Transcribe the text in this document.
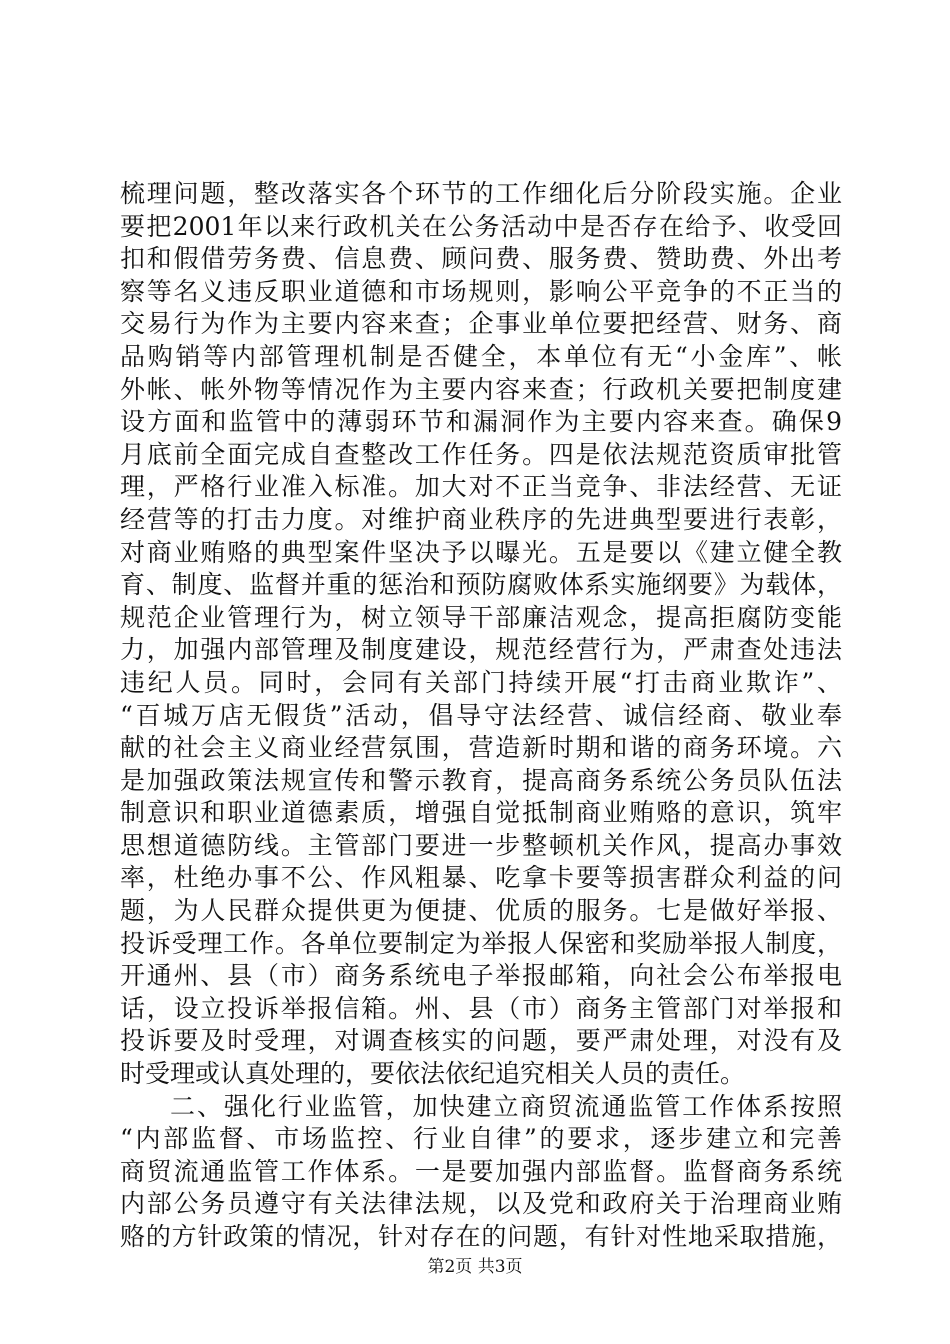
梳理问题，整改落实各个环节的工作细化后分阶段实施。企业
要把2001年以来行政机关在公务活动中是否存在给予、收受回
扣和假借劳务费、信息费、顾问费、服务费、赞助费、外出考
察等名义违反职业道德和市场规则，影响公平竞争的不正当的
交易行为作为主要内容来查；企事业单位要把经营、财务、商
品购销等内部管理机制是否健全，本单位有无“小金库”、帐
外帐、帐外物等情况作为主要内容来查；行政机关要把制度建
设方面和监管中的薄弱环节和漏洞作为主要内容来查。确保9
月底前全面完成自查整改工作任务。四是依法规范资质审批管
理，严格行业准入标准。加大对不正当竞争、非法经营、无证
经营等的打击力度。对维护商业秩序的先进典型要进行表彰，
对商业贿赂的典型案件坚决予以曝光。五是要以《建立健全教
育、制度、监督并重的惩治和预防腐败体系实施纲要》为载体，
规范企业管理行为，树立领导干部廉洁观念，提高拒腐防变能
力，加强内部管理及制度建设，规范经营行为，严肃查处违法
违纪人员。同时，会同有关部门持续开展“打击商业欺诈”、
“百城万店无假货”活动，倡导守法经营、诚信经商、敬业奉
献的社会主义商业经营氛围，营造新时期和谐的商务环境。六
是加强政策法规宣传和警示教育，提高商务系统公务员队伍法
制意识和职业道德素质，增强自觉抵制商业贿赂的意识，筑牢
思想道德防线。主管部门要进一步整顿机关作风，提高办事效
率，杜绝办事不公、作风粗暴、吃拿卡要等损害群众利益的问
题，为人民群众提供更为便捷、优质的服务。七是做好举报、
投诉受理工作。各单位要制定为举报人保密和奖励举报人制度，
开通州、县（市）商务系统电子举报邮箱，向社会公布举报电
话，设立投诉举报信箱。州、县（市）商务主管部门对举报和
投诉要及时受理，对调查核实的问题，要严肃处理，对没有及
时受理或认真处理的，要依法依纪追究相关人员的责任。
二、强化行业监管，加快建立商贸流通监管工作体系按照
“内部监督、市场监控、行业自律”的要求，逐步建立和完善
商贸流通监管工作体系。一是要加强内部监督。监督商务系统
内部公务员遵守有关法律法规，以及党和政府关于治理商业贿
赂的方针政策的情况，针对存在的问题，有针对性地采取措施，
第2页 共3页
